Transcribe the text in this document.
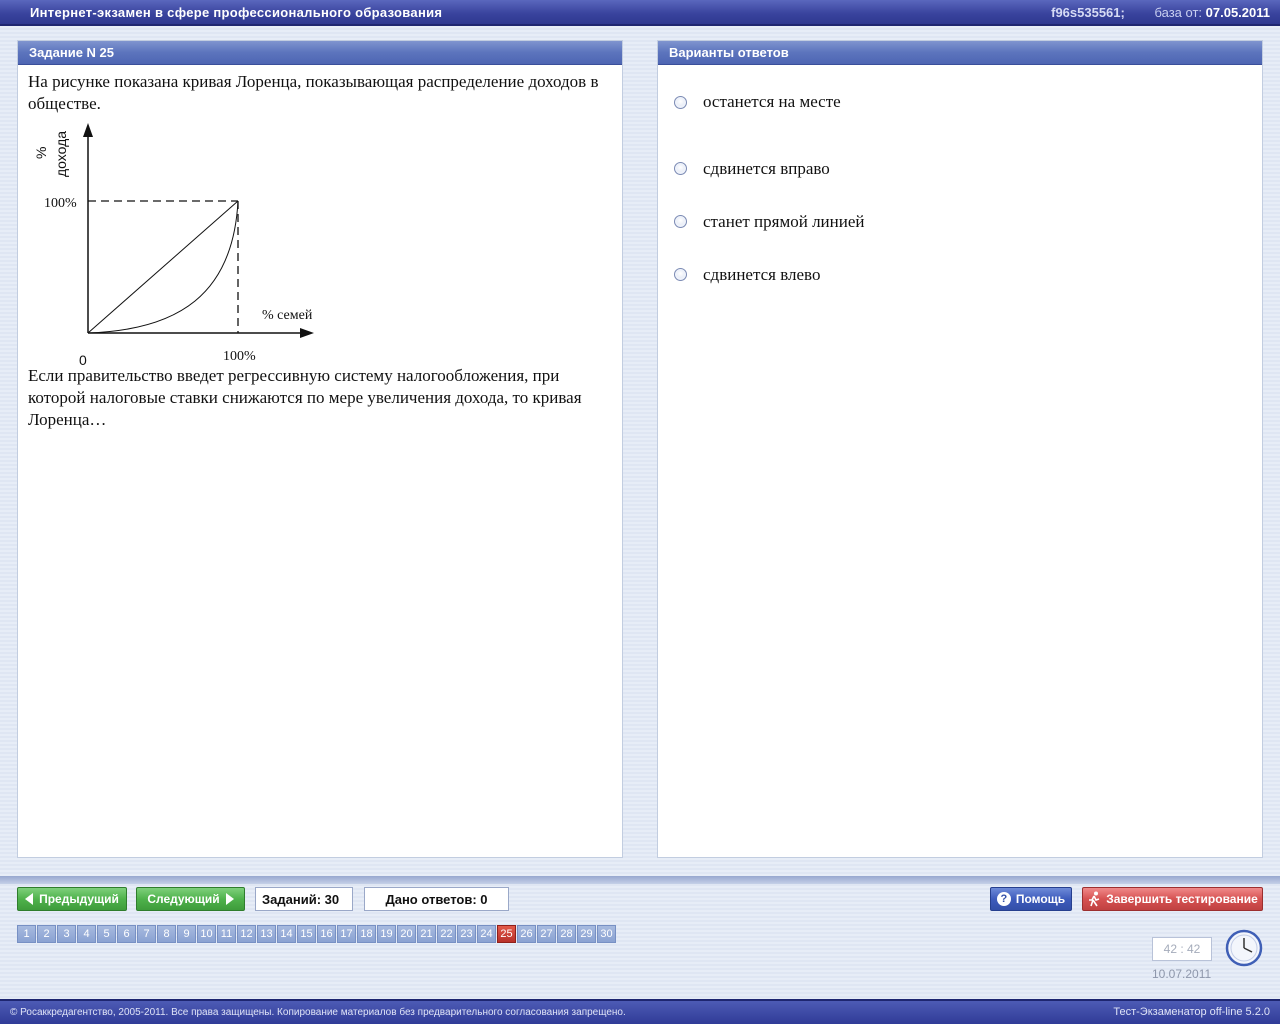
Интернет-экзамен в сфере профессионального образования	f96s535561; база от: 07.05.2011
Задание N 25
На рисунке показана кривая Лоренца, показывающая распределение доходов в обществе.
% дохода
100%
% семей
100%
0
Если правительство введет регрессивную систему налогообложения, при которой налоговые ставки снижаются по мере увеличения дохода, то кривая Лоренца…
Варианты ответов
останется на месте
сдвинется вправо
станет прямой линией
сдвинется влево
Предыдущий Следующий	Заданий: 30	Дано ответов: 0	? Помощь	Завершить тестирование
1	2	3	4	5	6	7	8	9 10 11 12 13 14 15 16 17 18 19 20 21 22 23 24 25 26 27 28 29 30
42 : 42
10.07.2011
© Росаккредагентство, 2005-2011. Все права защищены. Копирование материалов без предварительного согласования запрещено.	Тест-Экзаменатор off-line 5.2.0
